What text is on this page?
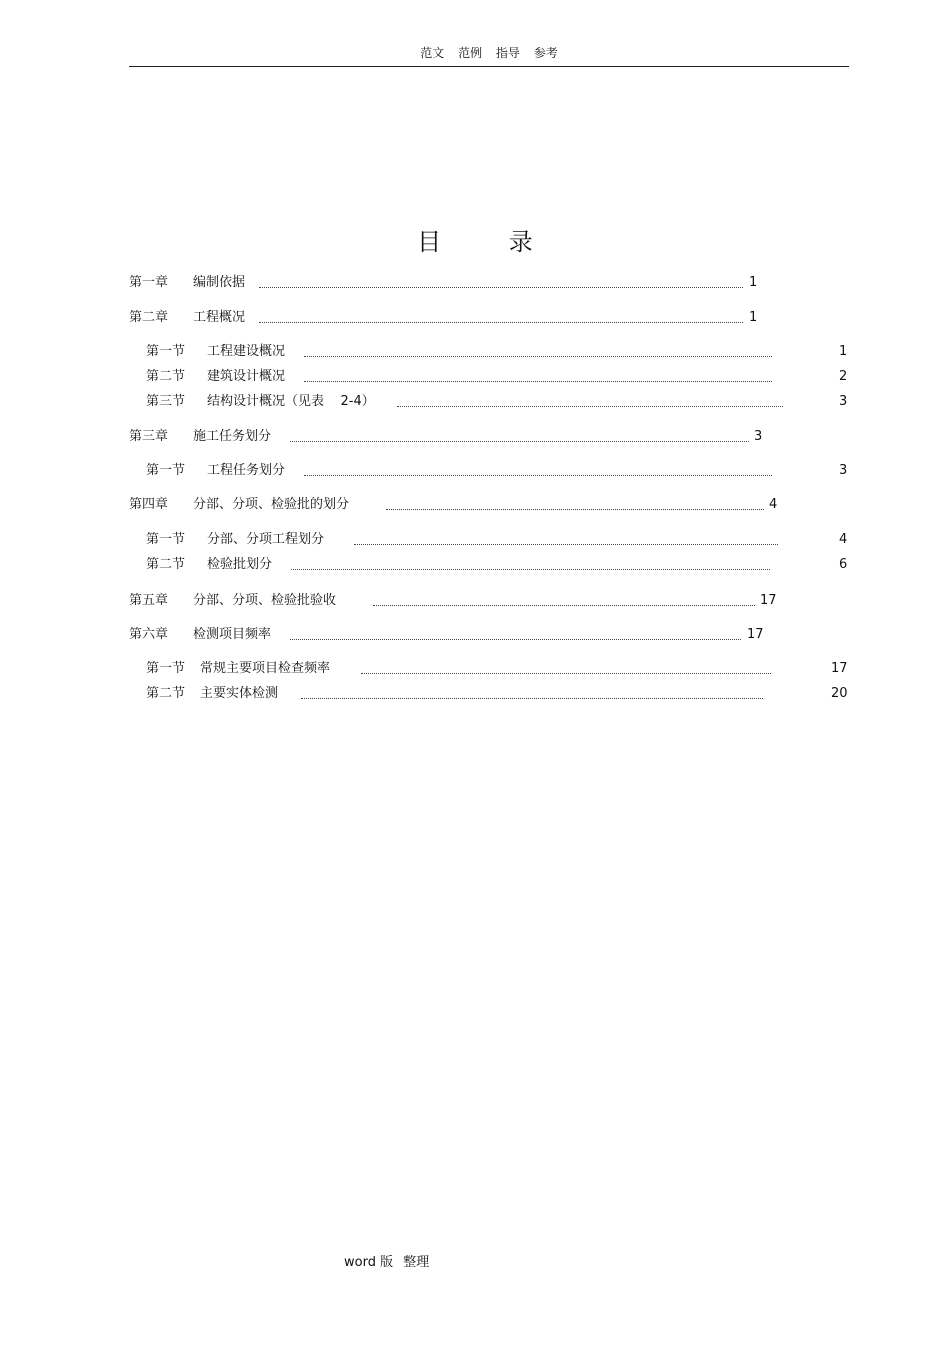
范文 范例 指导 参考
目 录
第一章 编制依据	1
第二章 工程概况	1
第一节 工程建设概况	1
第二节 建筑设计概况	2
第三节 结构设计概况（见表    2-4）	3
第三章 施工任务划分	3
第一节 工程任务划分	3
第四章 分部、分项、检验批的划分	4
第一节 分部、分项工程划分	4
第二节 检验批划分	6
第五章 分部、分项、检验批验收	17
第六章 检测项目频率	17
第一节 常规主要项目检查频率	17
第二节 主要实体检测	20
word 版 整理
